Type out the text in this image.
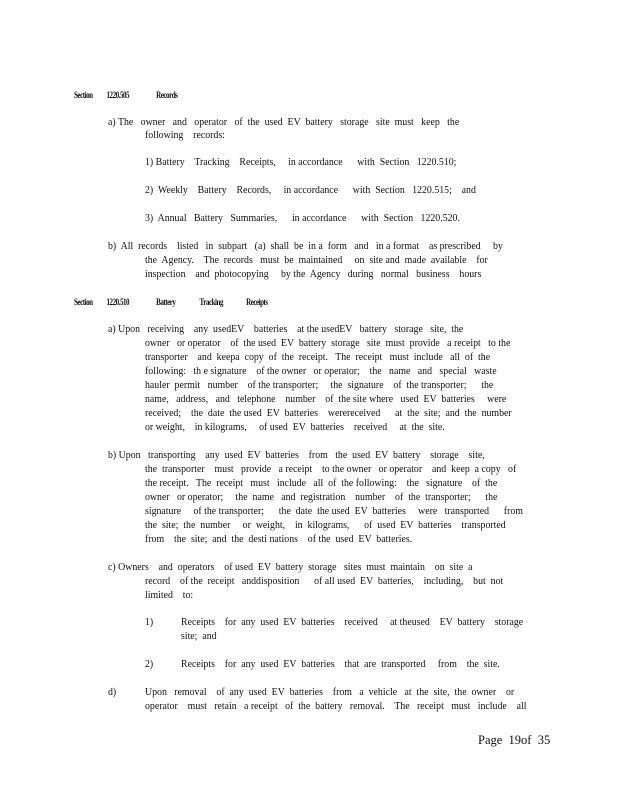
Section 1220.505	Records
a) The   owner   and   operator   of  the  used  EV  battery   storage   site  must   keep   the
following    records:
1) Battery    Tracking    Receipts,     in accordance      with  Section   1220.510;
2)  Weekly    Battery    Records,     in accordance      with  Section   1220.515;    and
3)  Annual   Battery   Summaries,      in accordance      with  Section   1220.520.
b)  All  records    listed   in  subpart   (a)  shall  be  in a  form   and   in a format    as prescribed     by
the  Agency.    The  records   must  be  maintained     on  site and  made  available    for
inspection    and  photocopying     by the  Agency   during   normal   business    hours
Section 1220.510	Battery	Tracking	Receipts
a) Upon   receiving    any  usedEV    batteries    at the usedEV   battery   storage   site,  the
owner   or operator    of  the used  EV  battery  storage   site  must  provide   a receipt   to the
transporter    and  keepa  copy  of  the  receipt.   The  receipt   must  include   all  of  the
following:   th e signature    of the owner   or operator;    the   name   and   special   waste
hauler  permit   number    of the transporter;     the  signature    of  the transporter;      the
name,   address,   and   telephone    number    of  the site where   used  EV  batteries     were
received;    the  date  the used  EV  batteries    werereceived      at  the  site;  and  the  number
or weight,    in kilograms,     of used  EV  batteries    received     at  the  site.
b) Upon   transporting    any  used  EV  batteries    from   the  used  EV  battery    storage    site,
the  transporter    must   provide   a receipt    to the owner   or operator    and  keep  a copy   of
the receipt.   The  receipt   must   include   all  of  the following:    the   signature    of  the
owner   or operator;     the  name   and  registration    number    of  the  transporter;      the
signature     of the transporter;      the  date  the used  EV  batteries     were   transported      from
the  site;  the  number     or  weight,    in  kilograms,      of  used  EV  batteries    transported
from    the  site;  and  the  desti nations    of the  used  EV  batteries.
c) Owners    and  operators    of used  EV  battery  storage   sites  must  maintain    on  site  a
record    of the  receipt   anddisposition      of all used  EV  batteries,    including,    but  not
limited    to:
1)	Receipts    for  any  used  EV  batteries    received     at theused    EV  battery    storage
site;  and
2)	Receipts    for  any  used  EV  batteries    that  are  transported     from    the  site.
d)	Upon   removal    of  any  used  EV  batteries    from   a  vehicle   at  the  site,  the  owner    or
operator    must   retain   a receipt   of  the  battery   removal.    The   receipt   must   include    all
Page  19of  35
